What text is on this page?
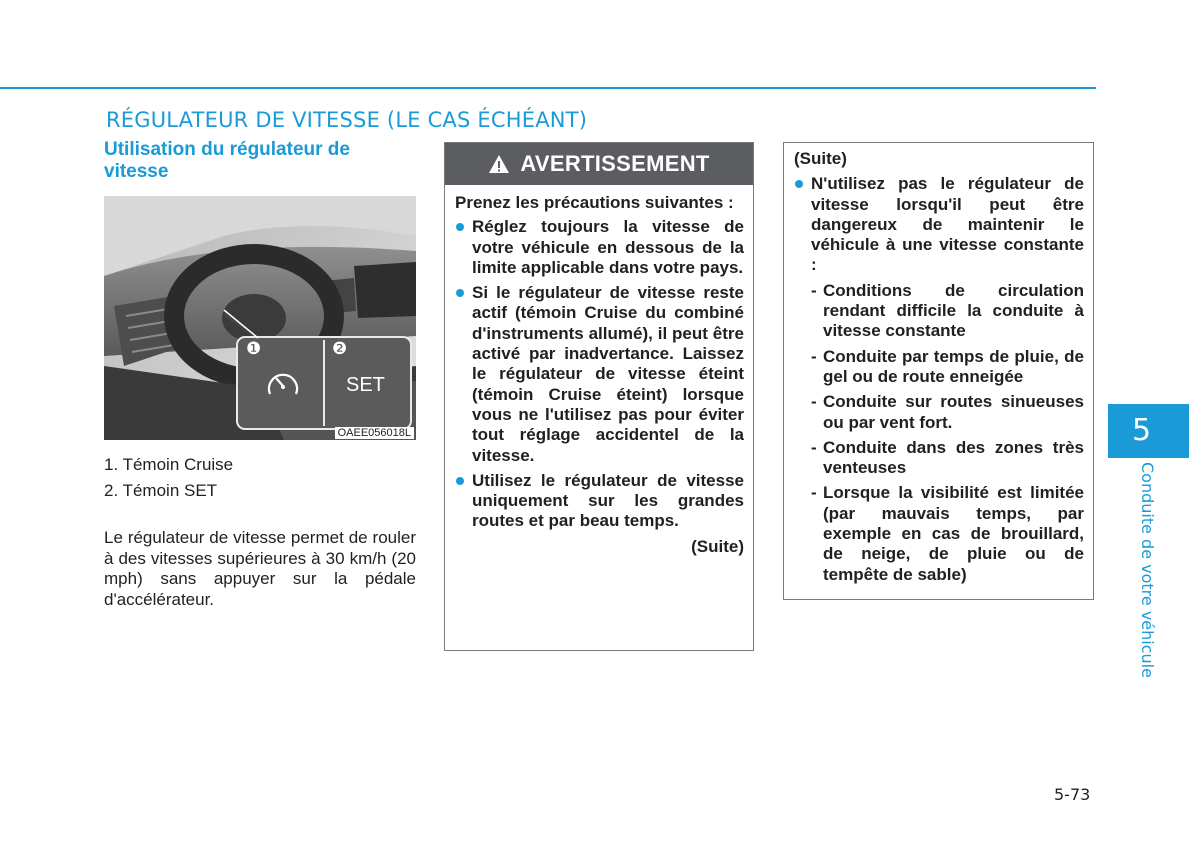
RÉGULATEUR DE VITESSE (LE CAS ÉCHÉANT)
Utilisation du régulateur de vitesse
❶	❷
SET
OAEE056018L
1. Témoin Cruise
2. Témoin SET

Le régulateur de vitesse permet de rouler à des vitesses supérieures à 30 km/h (20 mph) sans appuyer sur la pédale d'accélérateur.

AVERTISSEMENT

Prenez les précautions suivantes :

Réglez toujours la vitesse de votre véhicule en dessous de la limite applicable dans votre pays.
Si le régulateur de vitesse reste actif (témoin Cruise du combiné d'instruments allumé), il peut être activé par inadvertance. Laissez le régulateur de vitesse éteint (témoin Cruise éteint) lorsque vous ne l'utilisez pas pour éviter tout réglage accidentel de la vitesse.
Utilisez le régulateur de vitesse uniquement sur les grandes routes et par beau temps.
(Suite)
(Suite)
N'utilisez pas le régulateur de vitesse lorsqu'il peut être dangereux de maintenir le véhicule à une vitesse constante :
- Conditions de circulation rendant difficile la conduite à vitesse constante
- Conduite par temps de pluie, de gel ou de route enneigée
- Conduite sur routes sinueuses ou par vent fort.
- Conduite dans des zones très venteuses
- Lorsque la visibilité est limitée (par mauvais temps, par exemple en cas de brouillard, de neige, de pluie ou de tempête de sable)
5

Conduite de votre véhicule

5-73
